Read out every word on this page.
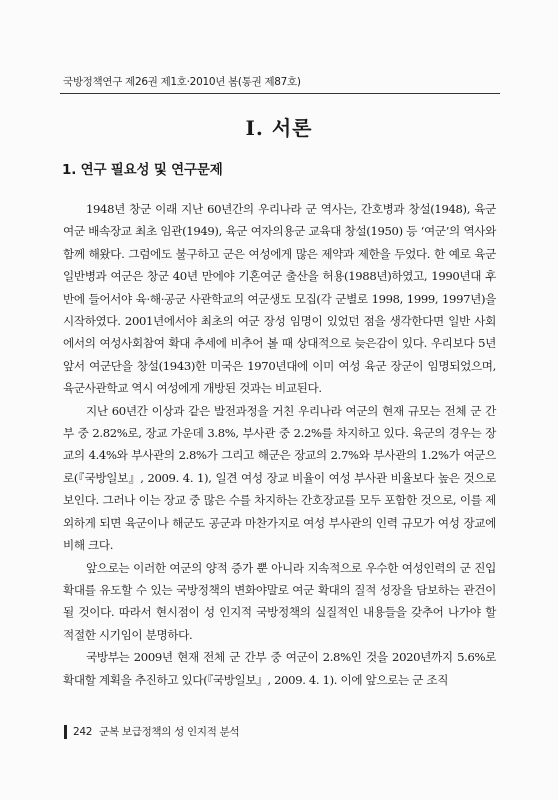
국방정책연구 제26권 제1호·2010년 봄(통권 제87호)
Ⅰ. 서론
1. 연구 필요성 및 연구문제

1948년 창군 이래 지난 60년간의 우리나라 군 역사는, 간호병과 창설(1948), 육군 여군 배속장교 최초 임관(1949), 육군 여자의용군 교육대 창설(1950) 등 ‘여군’의 역사와 함께 해왔다. 그럼에도 불구하고 군은 여성에게 많은 제약과 제한을 두었다. 한 예로 육군 일반병과 여군은 창군 40년 만에야 기혼여군 출산을 허용(1988년)하였고, 1990년대 후반에 들어서야 육·해·공군 사관학교의 여군생도 모집(각 군별로 1998, 1999, 1997년)을 시작하였다. 2001년에서야 최초의 여군 장성 임명이 있었던 점을 생각한다면 일반 사회에서의 여성사회참여 확대 추세에 비추어 볼 때 상대적으로 늦은감이 있다. 우리보다 5년 앞서 여군단을 창설(1943)한 미국은 1970년대에 이미 여성 육군 장군이 임명되었으며, 육군사관학교 역시 여성에게 개방된 것과는 비교된다.

지난 60년간 이상과 같은 발전과정을 거친 우리나라 여군의 현재 규모는 전체 군 간부 중 2.82%로, 장교 가운데 3.8%, 부사관 중 2.2%를 차지하고 있다. 육군의 경우는 장교의 4.4%와 부사관의 2.8%가 그리고 해군은 장교의 2.7%와 부사관의 1.2%가 여군으로(『국방일보』, 2009. 4. 1), 일견 여성 장교 비율이 여성 부사관 비율보다 높은 것으로 보인다. 그러나 이는 장교 중 많은 수를 차지하는 간호장교를 모두 포함한 것으로, 이를 제외하게 되면 육군이나 해군도 공군과 마찬가지로 여성 부사관의 인력 규모가 여성 장교에 비해 크다.

앞으로는 이러한 여군의 양적 증가 뿐 아니라 지속적으로 우수한 여성인력의 군 진입 확대를 유도할 수 있는 국방정책의 변화야말로 여군 확대의 질적 성장을 담보하는 관건이 될 것이다. 따라서 현시점이 성 인지적 국방정책의 실질적인 내용들을 갖추어 나가야 할 적절한 시기임이 분명하다.

국방부는 2009년 현재 전체 군 간부 중 여군이 2.8%인 것을 2020년까지 5.6%로 확대할 계획을 추진하고 있다(『국방일보』, 2009. 4. 1). 이에 앞으로는 군 조직

242 군복 보급정책의 성 인지적 분석
